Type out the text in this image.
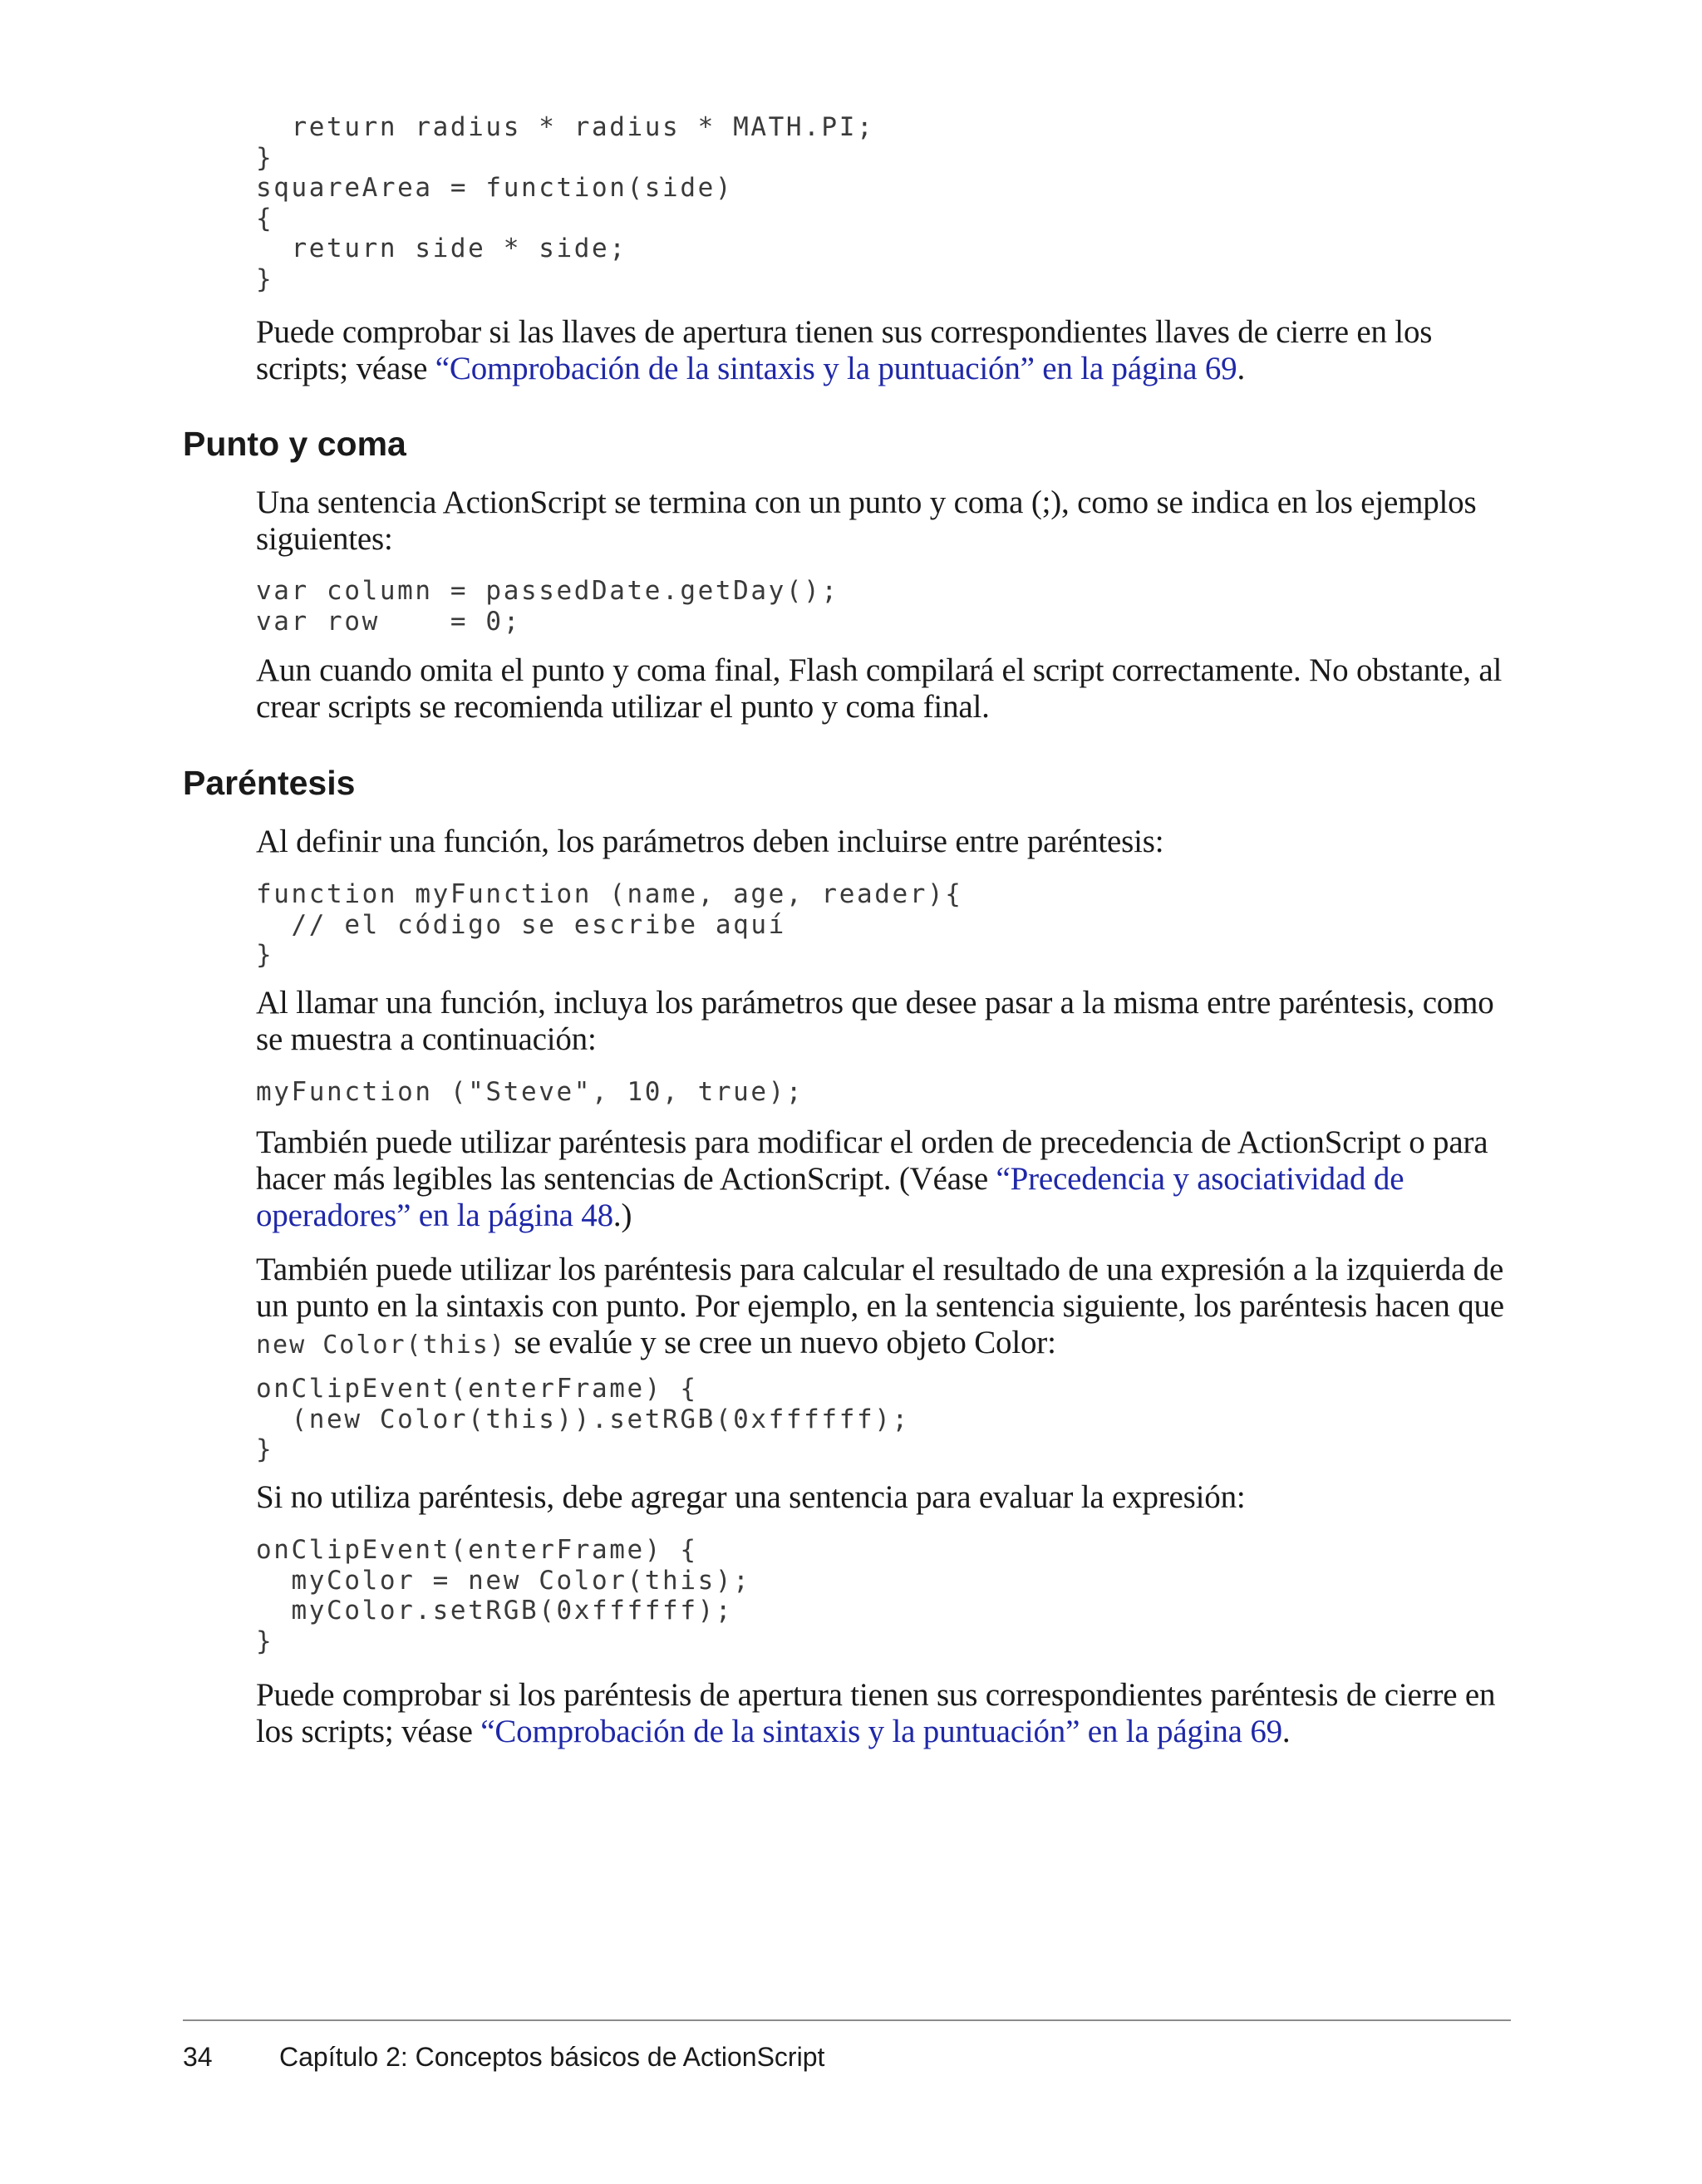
return radius * radius * MATH.PI;
}
squareArea = function(side)
{
return side * side;
}

Puede comprobar si las llaves de apertura tienen sus correspondientes llaves de cierre en los scripts; véase “Comprobación de la sintaxis y la puntuación” en la página 69.

Punto y coma

Una sentencia ActionScript se termina con un punto y coma (;), como se indica en los ejemplos siguientes:

var column = passedDate.getDay();
var row    = 0;

Aun cuando omita el punto y coma final, Flash compilará el script correctamente. No obstante, al crear scripts se recomienda utilizar el punto y coma final.

Paréntesis

Al definir una función, los parámetros deben incluirse entre paréntesis:

function myFunction (name, age, reader){
// el código se escribe aquí
}

Al llamar una función, incluya los parámetros que desee pasar a la misma entre paréntesis, como se muestra a continuación:

myFunction ("Steve", 10, true);

También puede utilizar paréntesis para modificar el orden de precedencia de ActionScript o para hacer más legibles las sentencias de ActionScript. (Véase “Precedencia y asociatividad de operadores” en la página 48.)

También puede utilizar los paréntesis para calcular el resultado de una expresión a la izquierda de un punto en la sintaxis con punto. Por ejemplo, en la sentencia siguiente, los paréntesis hacen que new Color(this) se evalúe y se cree un nuevo objeto Color:

onClipEvent(enterFrame) {
(new Color(this)).setRGB(0xffffff);
}

Si no utiliza paréntesis, debe agregar una sentencia para evaluar la expresión:

onClipEvent(enterFrame) {
myColor = new Color(this);
myColor.setRGB(0xffffff);
}

Puede comprobar si los paréntesis de apertura tienen sus correspondientes paréntesis de cierre en los scripts; véase “Comprobación de la sintaxis y la puntuación” en la página 69.

34	Capítulo 2: Conceptos básicos de ActionScript
